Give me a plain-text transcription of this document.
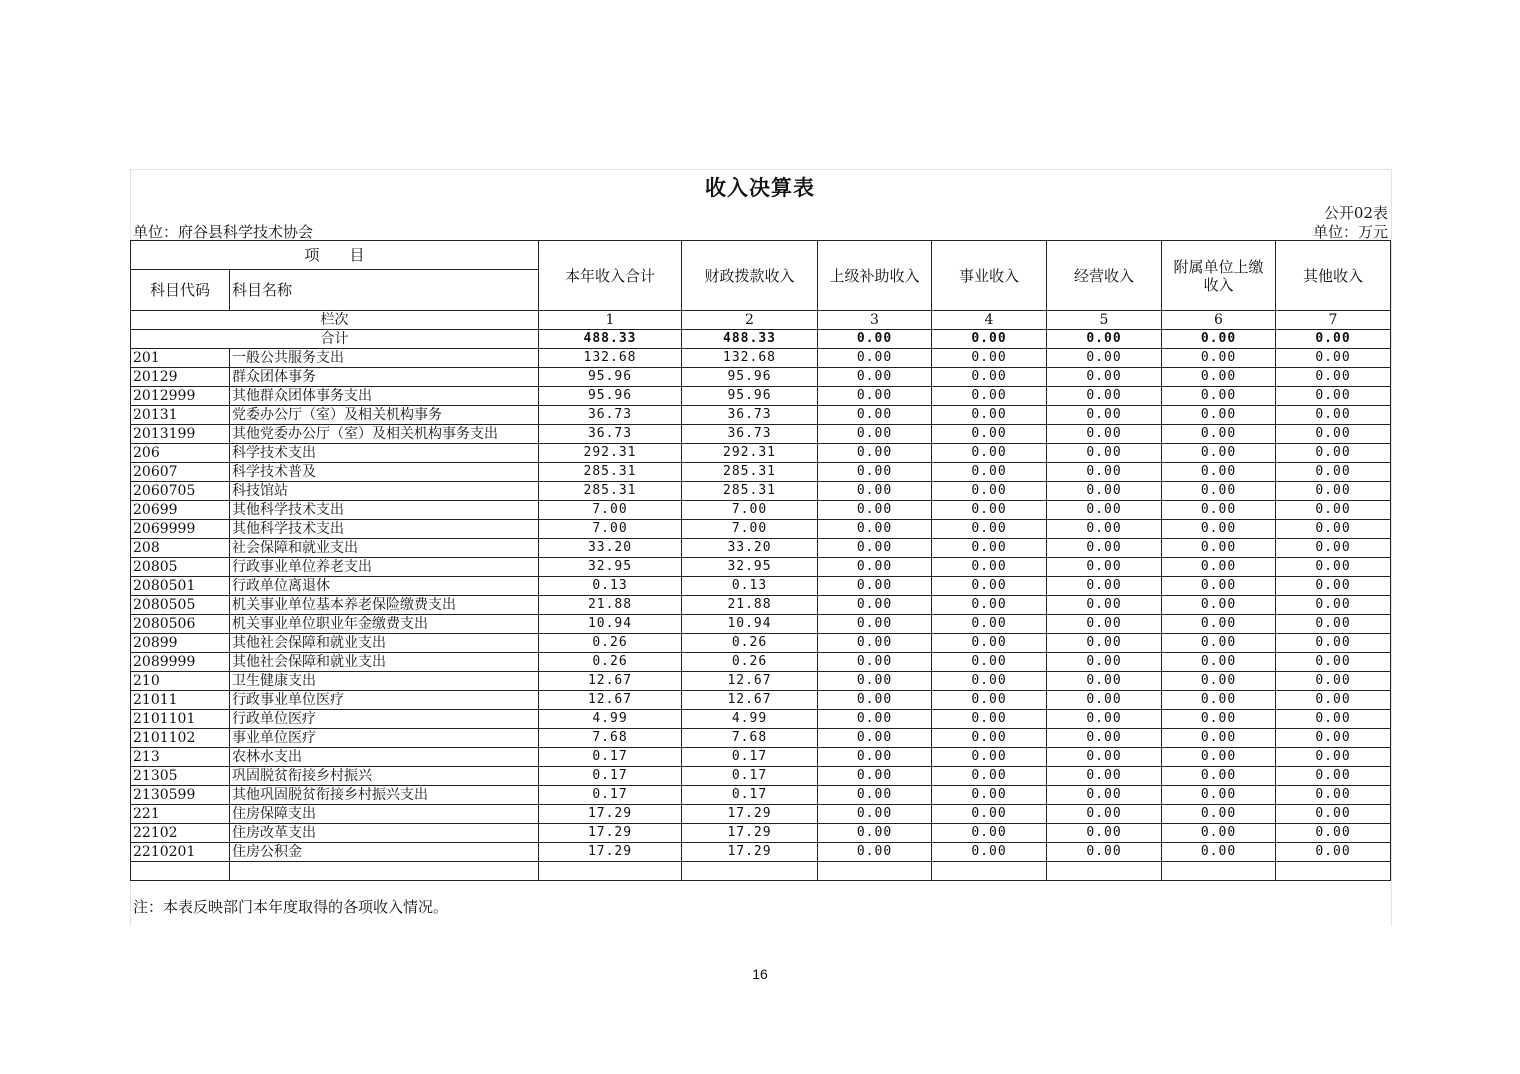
收入决算表
公开02表
单位：府谷县科学技术协会	单位：万元
项　　目		本年收入合计	财政拨款收入	上级补助收入	事业收入	经营收入	附属单位上缴收入	其他收入
科目代码	科目名称							
栏次		1	2	3	4	5	6	7
合计		488.33	488.33	0.00	0.00	0.00	0.00	0.00
201	一般公共服务支出	132.68	132.68	0.00	0.00	0.00	0.00	0.00
20129	群众团体事务	95.96	95.96	0.00	0.00	0.00	0.00	0.00
2012999	其他群众团体事务支出	95.96	95.96	0.00	0.00	0.00	0.00	0.00
20131	党委办公厅（室）及相关机构事务	36.73	36.73	0.00	0.00	0.00	0.00	0.00
2013199	其他党委办公厅（室）及相关机构事务支出	36.73	36.73	0.00	0.00	0.00	0.00	0.00
206	科学技术支出	292.31	292.31	0.00	0.00	0.00	0.00	0.00
20607	科学技术普及	285.31	285.31	0.00	0.00	0.00	0.00	0.00
2060705	科技馆站	285.31	285.31	0.00	0.00	0.00	0.00	0.00
20699	其他科学技术支出	7.00	7.00	0.00	0.00	0.00	0.00	0.00
2069999	其他科学技术支出	7.00	7.00	0.00	0.00	0.00	0.00	0.00
208	社会保障和就业支出	33.20	33.20	0.00	0.00	0.00	0.00	0.00
20805	行政事业单位养老支出	32.95	32.95	0.00	0.00	0.00	0.00	0.00
2080501	行政单位离退休	0.13	0.13	0.00	0.00	0.00	0.00	0.00
2080505	机关事业单位基本养老保险缴费支出	21.88	21.88	0.00	0.00	0.00	0.00	0.00
2080506	机关事业单位职业年金缴费支出	10.94	10.94	0.00	0.00	0.00	0.00	0.00
20899	其他社会保障和就业支出	0.26	0.26	0.00	0.00	0.00	0.00	0.00
2089999	其他社会保障和就业支出	0.26	0.26	0.00	0.00	0.00	0.00	0.00
210	卫生健康支出	12.67	12.67	0.00	0.00	0.00	0.00	0.00
21011	行政事业单位医疗	12.67	12.67	0.00	0.00	0.00	0.00	0.00
2101101	行政单位医疗	4.99	4.99	0.00	0.00	0.00	0.00	0.00
2101102	事业单位医疗	7.68	7.68	0.00	0.00	0.00	0.00	0.00
213	农林水支出	0.17	0.17	0.00	0.00	0.00	0.00	0.00
21305	巩固脱贫衔接乡村振兴	0.17	0.17	0.00	0.00	0.00	0.00	0.00
2130599	其他巩固脱贫衔接乡村振兴支出	0.17	0.17	0.00	0.00	0.00	0.00	0.00
221	住房保障支出	17.29	17.29	0.00	0.00	0.00	0.00	0.00
22102	住房改革支出	17.29	17.29	0.00	0.00	0.00	0.00	0.00
2210201	住房公积金	17.29	17.29	0.00	0.00	0.00	0.00	0.00

注：本表反映部门本年度取得的各项收入情况。
16
